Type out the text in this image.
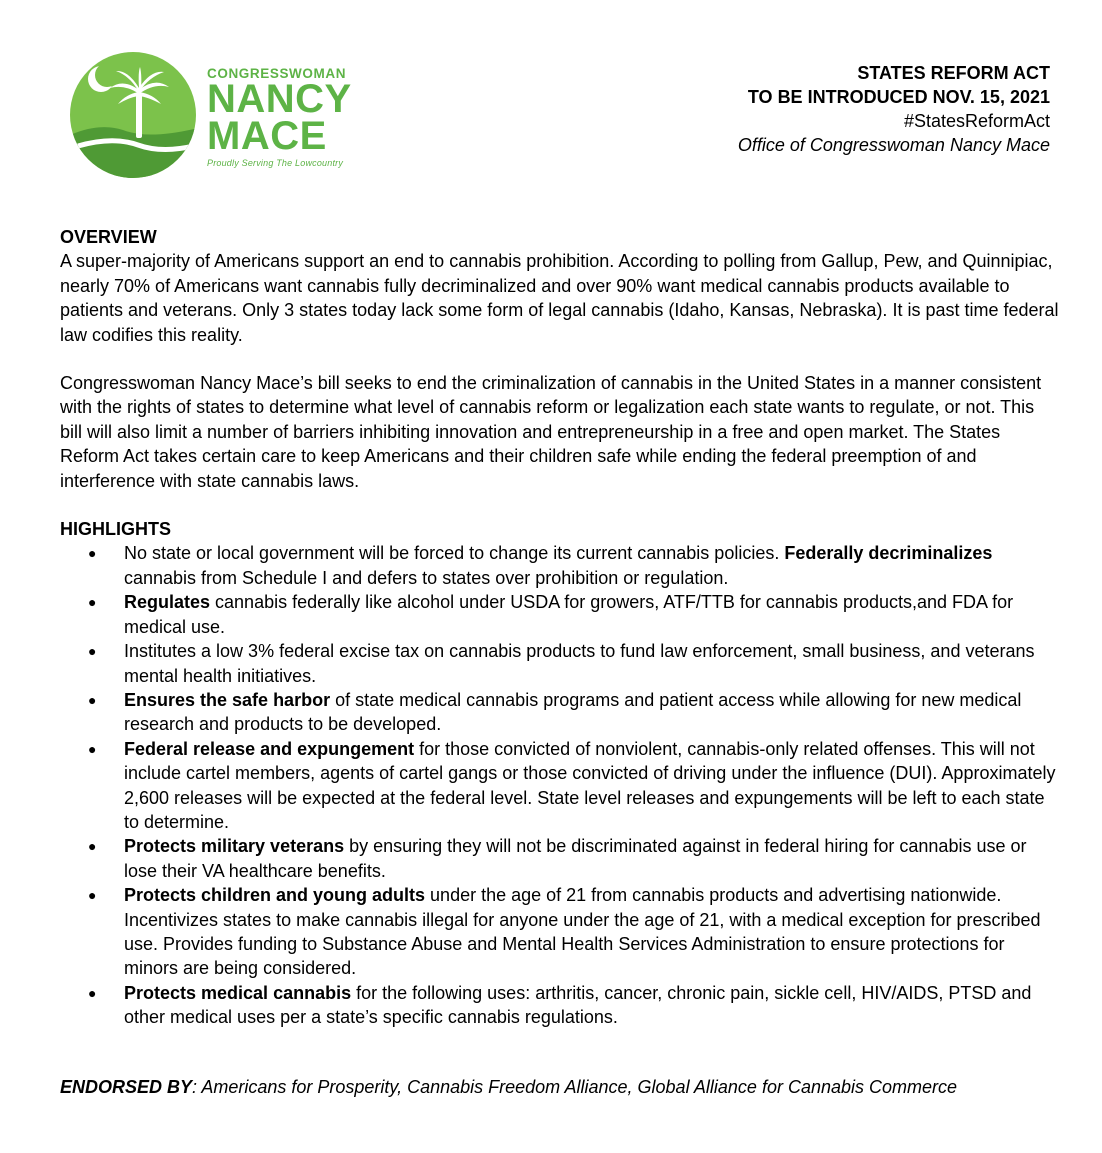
CONGRESSWOMAN
NANCY
MACE
Proudly Serving The Lowcountry
STATES REFORM ACT
TO BE INTRODUCED NOV. 15, 2021
#StatesReformAct
Office of Congresswoman Nancy Mace
OVERVIEW

A super-majority of Americans support an end to cannabis prohibition. According to polling from Gallup, Pew, and Quinnipiac, nearly 70% of Americans want cannabis fully decriminalized and over 90% want medical cannabis products available to patients and veterans. Only 3 states today lack some form of legal cannabis (Idaho, Kansas, Nebraska). It is past time federal law codifies this reality.

Congresswoman Nancy Mace’s bill seeks to end the criminalization of cannabis in the United States in a manner consistent with the rights of states to determine what level of cannabis reform or legalization each state wants to regulate, or not. This bill will also limit a number of barriers inhibiting innovation and entrepreneurship in a free and open market. The States Reform Act takes certain care to keep Americans and their children safe while ending the federal preemption of and interference with state cannabis laws.

HIGHLIGHTS
● No state or local government will be forced to change its current cannabis policies. Federally decriminalizes cannabis from Schedule I and defers to states over prohibition or regulation.
● Regulates cannabis federally like alcohol under USDA for growers, ATF/TTB for cannabis products,and FDA for medical use.
● Institutes a low 3% federal excise tax on cannabis products to fund law enforcement, small business, and veterans mental health initiatives.
● Ensures the safe harbor of state medical cannabis programs and patient access while allowing for new medical research and products to be developed.
● Federal release and expungement for those convicted of nonviolent, cannabis-only related offenses. This will not include cartel members, agents of cartel gangs or those convicted of driving under the influence (DUI). Approximately 2,600 releases will be expected at the federal level. State level releases and expungements will be left to each state to determine.
● Protects military veterans by ensuring they will not be discriminated against in federal hiring for cannabis use or lose their VA healthcare benefits.
● Protects children and young adults under the age of 21 from cannabis products and advertising nationwide. Incentivizes states to make cannabis illegal for anyone under the age of 21, with a medical exception for prescribed use. Provides funding to Substance Abuse and Mental Health Services Administration to ensure protections for minors are being considered.
● Protects medical cannabis for the following uses: arthritis, cancer, chronic pain, sickle cell, HIV/AIDS, PTSD and other medical uses per a state’s specific cannabis regulations.
ENDORSED BY: Americans for Prosperity, Cannabis Freedom Alliance, Global Alliance for Cannabis Commerce
